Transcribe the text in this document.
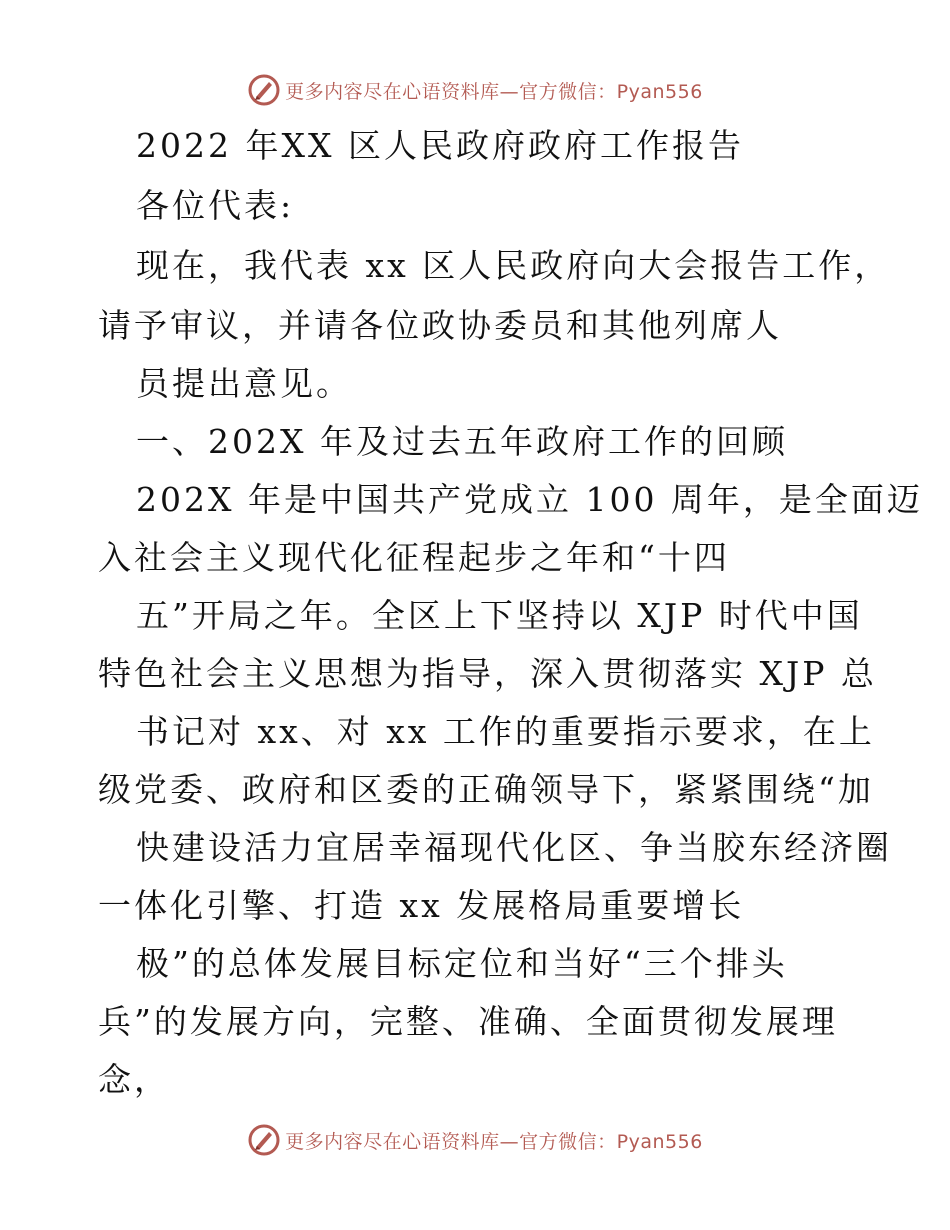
更多内容尽在心语资料库—官方微信：Pyan556
2022 年XX 区人民政府政府工作报告
各位代表:
现在，我代表 xx 区人民政府向大会报告工作，
请予审议，并请各位政协委员和其他列席人
员提出意见。
一、202X 年及过去五年政府工作的回顾
202X 年是中国共产党成立 100 周年，是全面迈
入社会主义现代化征程起步之年和“十四
五”开局之年。全区上下坚持以 XJP 时代中国
特色社会主义思想为指导，深入贯彻落实 XJP 总
书记对 xx、对 xx 工作的重要指示要求，在上
级党委、政府和区委的正确领导下，紧紧围绕“加
快建设活力宜居幸福现代化区、争当胶东经济圈
一体化引擎、打造 xx 发展格局重要增长
极”的总体发展目标定位和当好“三个排头
兵”的发展方向，完整、准确、全面贯彻发展理
念，
更多内容尽在心语资料库—官方微信：Pyan556
